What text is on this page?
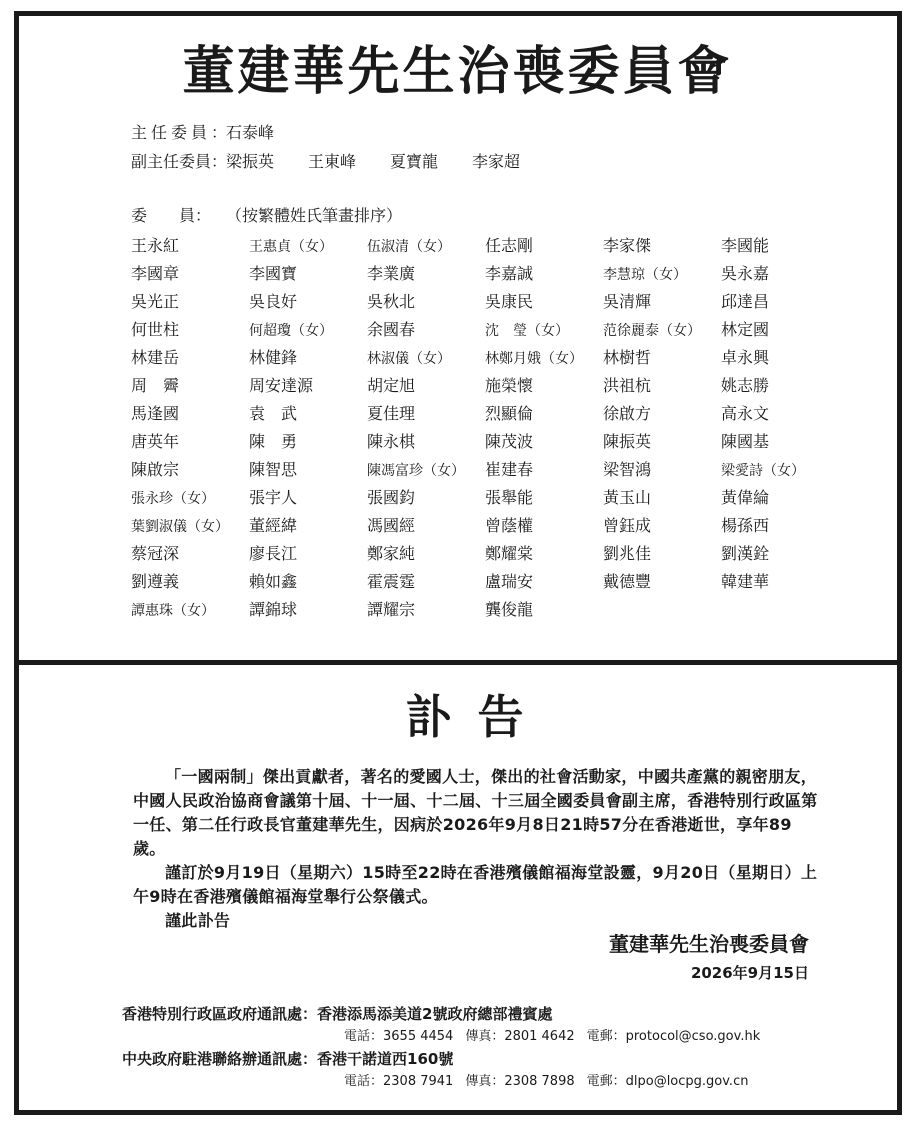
董建華先生治喪委員會
主任委員：石泰峰
副主任委員：梁振英 王東峰 夏寶龍 李家超
委　　員： （按繁體姓氏筆畫排序）
王永紅	王惠貞（女） 伍淑清（女） 任志剛	李家傑	李國能
李國章	李國寶	李業廣	李嘉誠	李慧琼（女） 吳永嘉
吳光正	吳良好	吳秋北	吳康民	吳清輝	邱達昌
何世柱	何超瓊（女） 余國春	沈　瑩（女） 范徐麗泰（女） 林定國
林建岳	林健鋒	林淑儀（女） 林鄭月娥（女） 林樹哲	卓永興
周　霽	周安達源	胡定旭	施榮懷	洪祖杭	姚志勝
馬逢國	袁　武	夏佳理	烈顯倫	徐啟方	高永文
唐英年	陳　勇	陳永棋	陳茂波	陳振英	陳國基
陳啟宗	陳智思	陳馮富珍（女） 崔建春	梁智鴻	梁愛詩（女）
張永珍（女） 張宇人	張國鈞	張舉能	黃玉山	黃偉綸
葉劉淑儀（女） 董經緯	馮國經	曾蔭權	曾鈺成	楊孫西
蔡冠深	廖長江	鄭家純	鄭耀棠	劉兆佳	劉漢銓
劉遵義	賴如鑫	霍震霆	盧瑞安	戴德豐	韓建華
譚惠珠（女） 譚錦球	譚耀宗	龔俊龍
訃告

「一國兩制」傑出貢獻者，著名的愛國人士，傑出的社會活動家，中國共產黨的親密朋友，中國人民政治協商會議第十屆、十一屆、十二屆、十三屆全國委員會副主席，香港特別行政區第一任、第二任行政長官董建華先生，因病於2026年9月8日21時57分在香港逝世，享年89歲。

謹訂於9月19日（星期六）15時至22時在香港殯儀館福海堂設靈，9月20日（星期日）上午9時在香港殯儀館福海堂舉行公祭儀式。

謹此訃告

董建華先生治喪委員會
2026年9月15日
香港特別行政區政府通訊處：香港添馬添美道2號政府總部禮賓處
電話：3655 4454 傳真：2801 4642 電郵：protocol@cso.gov.hk
中央政府駐港聯絡辦通訊處：香港干諾道西160號
電話：2308 7941 傳真：2308 7898 電郵：dlpo@locpg.gov.cn
